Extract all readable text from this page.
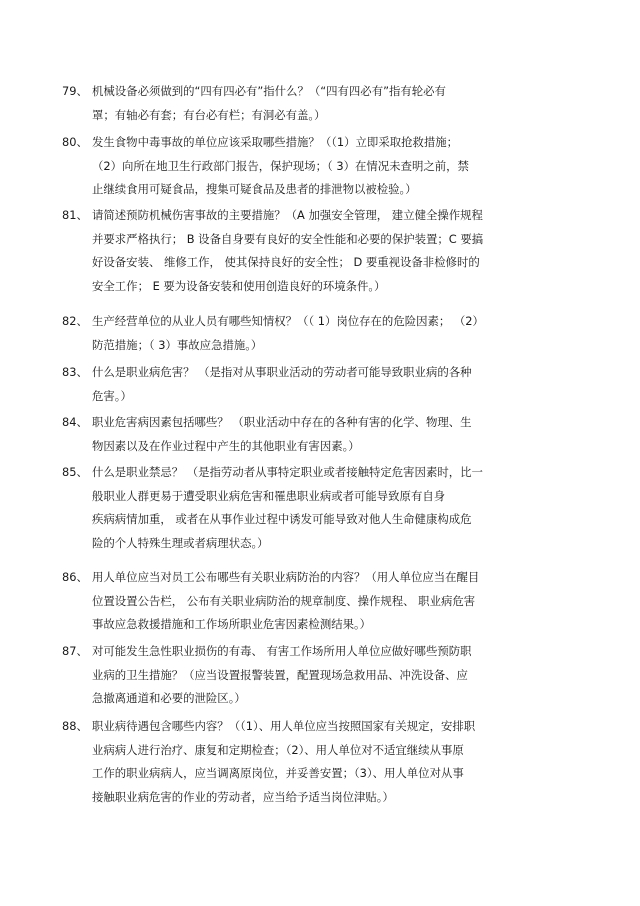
79、 机械设备必须做到的“四有四必有”指什么？（“四有四必有”指有轮必有
罩；有轴必有套；有台必有栏；有洞必有盖。）
80、 发生食物中毒事故的单位应该采取哪些措施？（（1）立即采取抢救措施；
（2）向所在地卫生行政部门报告，保护现场；（ 3）在情况未查明之前，禁
止继续食用可疑食品，搜集可疑食品及患者的排泄物以被检验。）
81、 请简述预防机械伤害事故的主要措施？（A 加强安全管理， 建立健全操作规程
并要求严格执行； B 设备自身要有良好的安全性能和必要的保护装置；C 要搞
好设备安装、 维修工作， 使其保持良好的安全性； D 要重视设备非检修时的
安全工作； E 要为设备安装和使用创造良好的环境条件。）
82、 生产经营单位的从业人员有哪些知情权？（（ 1）岗位存在的危险因素； （2）
防范措施；（ 3）事故应急措施。）
83、 什么是职业病危害？ （是指对从事职业活动的劳动者可能导致职业病的各种
危害。）
84、 职业危害病因素包括哪些？ （职业活动中存在的各种有害的化学、物理、生
物因素以及在作业过程中产生的其他职业有害因素。）
85、 什么是职业禁忌？ （是指劳动者从事特定职业或者接触特定危害因素时，比一
般职业人群更易于遭受职业病危害和罹患职业病或者可能导致原有自身
疾病病情加重， 或者在从事作业过程中诱发可能导致对他人生命健康构成危
险的个人特殊生理或者病理状态。）
86、 用人单位应当对员工公布哪些有关职业病防治的内容？（用人单位应当在醒目
位置设置公告栏， 公布有关职业病防治的规章制度、操作规程、 职业病危害
事故应急救援措施和工作场所职业危害因素检测结果。）
87、 对可能发生急性职业损伤的有毒、 有害工作场所用人单位应做好哪些预防职
业病的卫生措施？（应当设置报警装置，配置现场急救用品、冲洗设备、应
急撤离通道和必要的泄险区。）
88、 职业病待遇包含哪些内容？（（1）、用人单位应当按照国家有关规定，安排职
业病病人进行治疗、康复和定期检查；（2）、用人单位对不适宜继续从事原
工作的职业病病人，应当调离原岗位，并妥善安置；（3）、用人单位对从事
接触职业病危害的作业的劳动者，应当给予适当岗位津贴。）
